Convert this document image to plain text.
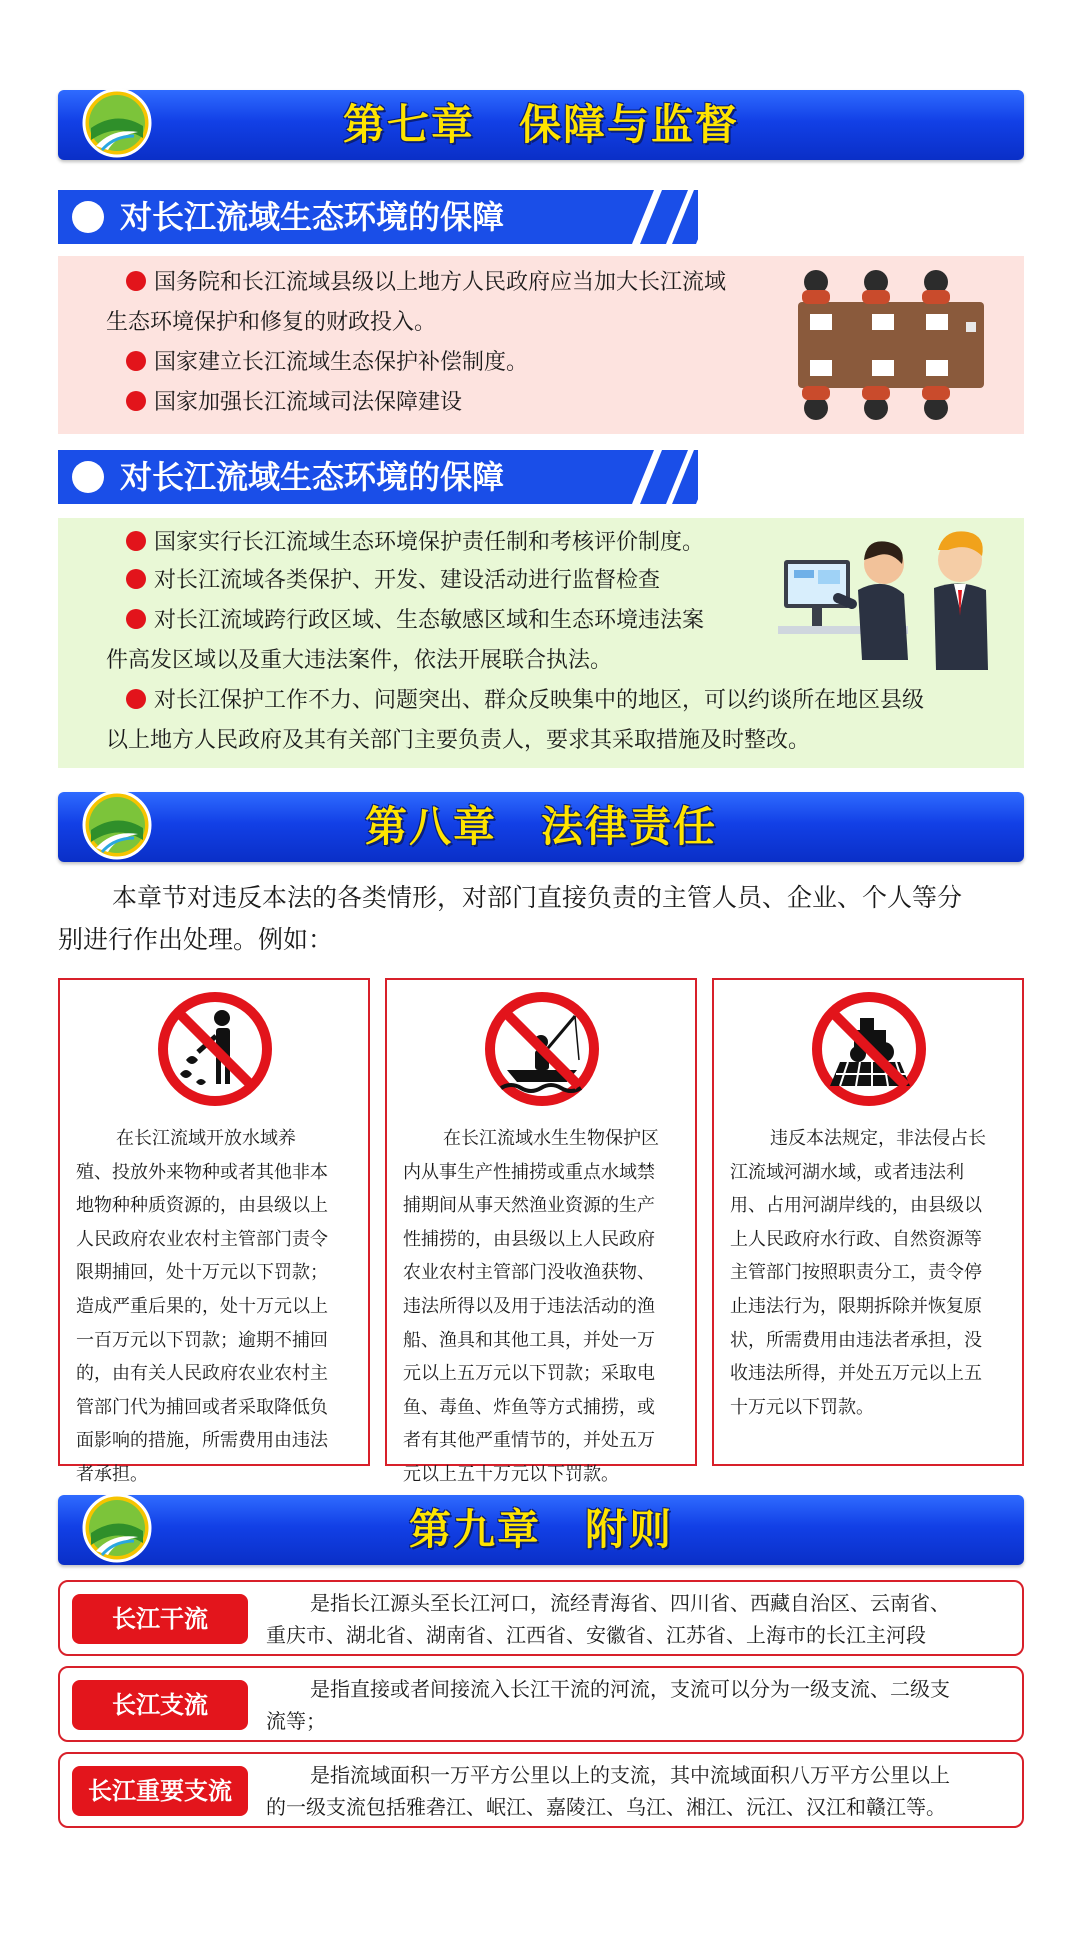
第七章　保障与监督
对长江流域生态环境的保障
国务院和长江流域县级以上地方人民政府应当加大长江流域
生态环境保护和修复的财政投入。
国家建立长江流域生态保护补偿制度。
国家加强长江流域司法保障建设
对长江流域生态环境的保障
国家实行长江流域生态环境保护责任制和考核评价制度。
对长江流域各类保护、开发、建设活动进行监督检查
对长江流域跨行政区域、生态敏感区域和生态环境违法案
件高发区域以及重大违法案件，依法开展联合执法。
对长江保护工作不力、问题突出、群众反映集中的地区，可以约谈所在地区县级
以上地方人民政府及其有关部门主要负责人，要求其采取措施及时整改。
第八章　法律责任
本章节对违反本法的各类情形，对部门直接负责的主管人员、企业、个人等分
别进行作出处理。例如：
在长江流域开放水域养
殖、投放外来物种或者其他非本
地物种种质资源的，由县级以上
人民政府农业农村主管部门责令
限期捕回，处十万元以下罚款；
造成严重后果的，处十万元以上
一百万元以下罚款；逾期不捕回
的，由有关人民政府农业农村主
管部门代为捕回或者采取降低负
面影响的措施，所需费用由违法
者承担。
在长江流域水生生物保护区
内从事生产性捕捞或重点水域禁
捕期间从事天然渔业资源的生产
性捕捞的，由县级以上人民政府
农业农村主管部门没收渔获物、
违法所得以及用于违法活动的渔
船、渔具和其他工具，并处一万
元以上五万元以下罚款；采取电
鱼、毒鱼、炸鱼等方式捕捞，或
者有其他严重情节的，并处五万
元以上五十万元以下罚款。
违反本法规定，非法侵占长
江流域河湖水域，或者违法利
用、占用河湖岸线的，由县级以
上人民政府水行政、自然资源等
主管部门按照职责分工，责令停
止违法行为，限期拆除并恢复原
状，所需费用由违法者承担，没
收违法所得，并处五万元以上五
十万元以下罚款。
第九章　附则
长江干流
是指长江源头至长江河口，流经青海省、四川省、西藏自治区、云南省、
重庆市、湖北省、湖南省、江西省、安徽省、江苏省、上海市的长江主河段
长江支流
是指直接或者间接流入长江干流的河流，支流可以分为一级支流、二级支
流等；
长江重要支流
是指流域面积一万平方公里以上的支流，其中流域面积八万平方公里以上
的一级支流包括雅砻江、岷江、嘉陵江、乌江、湘江、沅江、汉江和赣江等。
